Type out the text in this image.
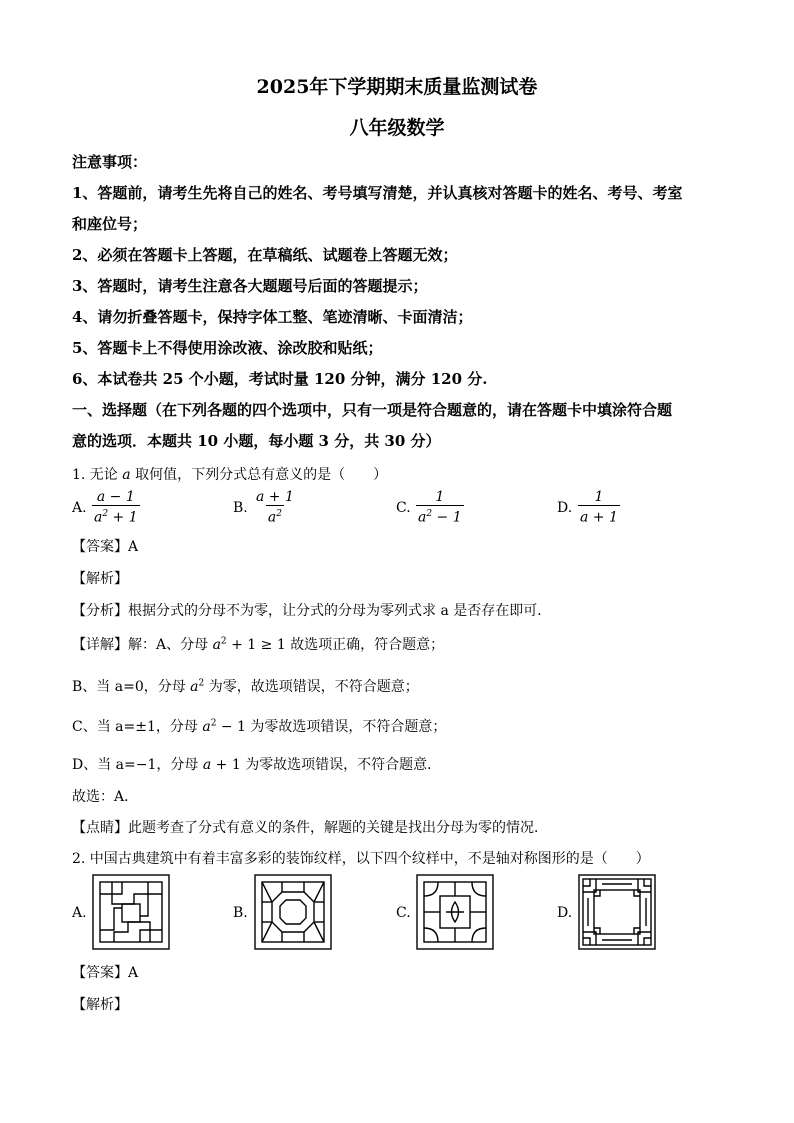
2025年下学期期末质量监测试卷
八年级数学
注意事项：
1、答题前，请考生先将自己的姓名、考号填写清楚，并认真核对答题卡的姓名、考号、考室
和座位号；
2、必须在答题卡上答题，在草稿纸、试题卷上答题无效；
3、答题时，请考生注意各大题题号后面的答题提示；
4、请勿折叠答题卡，保持字体工整、笔迹清晰、卡面清洁；
5、答题卡上不得使用涂改液、涂改胶和贴纸；
6、本试卷共 25 个小题，考试时量 120 分钟，满分 120 分.
一、选择题（在下列各题的四个选项中，只有一项是符合题意的，请在答题卡中填涂符合题
意的选项．本题共 10 小题，每小题 3 分，共 30 分）
1. 无论 a 取何值，下列分式总有意义的是（　　）
A. $\frac{a - 1}{a^2 + 1}$	B. $\frac{a + 1}{a^2}$	C. $\frac{1}{a^2 - 1}$	D. $\frac{1}{a + 1}$
【答案】A
【解析】
【分析】根据分式的分母不为零，让分式的分母为零列式求 a 是否存在即可．
【详解】解：A、分母 $a^2 + 1 \ge 1$ 故选项正确，符合题意；
B、当 a=0，分母 $a^2$ 为零，故选项错误，不符合题意；
C、当 a=±1，分母 $a^2 - 1$ 为零故选项错误，不符合题意；
D、当 a=−1，分母 a + 1 为零故选项错误，不符合题意．
故选：A．
【点睛】此题考查了分式有意义的条件，解题的关键是找出分母为零的情况．
2. 中国古典建筑中有着丰富多彩的装饰纹样，以下四个纹样中，不是轴对称图形的是（　　）
A.	B.	C.	D.
【答案】A
【解析】
